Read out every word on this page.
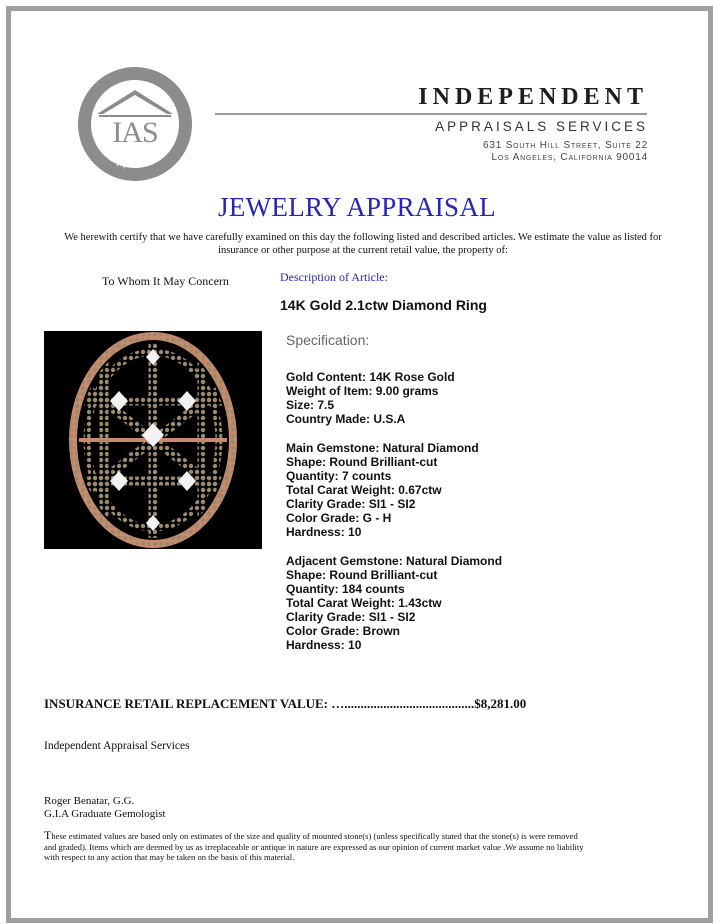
IAS
Appraisal
INDEPENDENT
APPRAISALS SERVICES
631 South Hill Street, Suite 22
Los Angeles, California 90014
JEWELRY APPRAISAL
We herewith certify that we have carefully examined on this day the following listed and described articles. We estimate the value as listed for insurance or other purpose at the current retail value, the property of:
To Whom It May Concern	Description of Article:
14K Gold 2.1ctw Diamond Ring
Specification:
Gold Content: 14K Rose Gold
Weight of Item: 9.00 grams
Size: 7.5
Country Made: U.S.A
Main Gemstone: Natural Diamond
Shape: Round Brilliant-cut
Quantity: 7 counts
Total Carat Weight: 0.67ctw
Clarity Grade: SI1 - SI2
Color Grade: G - H
Hardness: 10
Adjacent Gemstone: Natural Diamond
Shape: Round Brilliant-cut
Quantity: 184 counts
Total Carat Weight: 1.43ctw
Clarity Grade: SI1 - SI2
Color Grade: Brown
Hardness: 10
INSURANCE RETAIL REPLACEMENT VALUE: …........................................$8,281.00
Independent Appraisal Services
Roger Benatar, G.G.
G.I.A Graduate Gemologist
These estimated values are based only on estimates of the size and quality of mounted stone(s) (unless specifically stated that the stone(s) is were removed and graded). Items which are deemed by us as irreplaceable or antique in nature are expressed as our opinion of current market value .We assume no liability with respect to any action that may be taken on the basis of this material.
